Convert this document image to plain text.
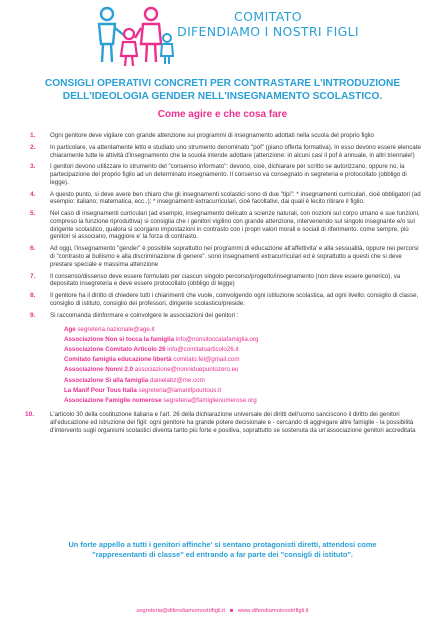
COMITATO
DIFENDIAMO I NOSTRI FIGLI
CONSIGLI OPERATIVI CONCRETI PER CONTRASTARE L'INTRODUZIONE
DELL'IDEOLOGIA GENDER NELL'INSEGNAMENTO SCOLASTICO.
Come agire e che cosa fare
1.	Ogni genitore deve vigilare con grande attenzione sui programmi di insegnamento adottati nella scuola del proprio figlio
2.	In particolare, va attentamente letto e studiato uno strumento denominato "pof" (piano offerta formativa). In esso devono essere elencate chiaramente tutte le attività d'insegnamento che la scuola intende adottare (attenzione: in alcuni casi il pof è annuale, in altri triennale!)
3.	I genitori devono utilizzare lo strumento del "consenso informato": devono, cioè, dichiarare per scritto se autorizzano, oppure no, la partecipazione del proprio figlio ad un determinato insegnamento. Il consenso va consegnato in segreteria e protocollato (obbligo di legge).
4.	A questo punto, si deve avere ben chiaro che gli insegnamenti scolastici sono di due "tipi": * insegnamenti curriculari, cioè obbligatori (ad esempio: italiano; matematica, ecc..); * insegnamenti extracurriculari, cioè facoltativi, dai quali è lecito ritirare il figlio.
5.	Nel caso di insegnamenti curriculari (ad esempio, insegnamento delicato a scienze naturali, con nozioni sul corpo umano e sue funzioni, compreso la funzione riproduttiva) si consiglia che i genitori vigilino con grande attenzione, intervenendo sul singolo insegnante e/o sul dirigente scolastico, qualora si scorgano impostazioni in contrasto con i propri valori morali e sociali di riferimento. come sempre, più genitori si associano, maggiore e' la forza di contrasto.
6.	Ad oggi, l'insegnamento "gender" è possibile soprattutto nei programmi di educazione all'affettivita' e alla sessualità, oppure nei percorsi di "contrasto al bullismo e alla discriminazione di genere". sono insegnamenti extracurriculari ed è soprattutto a questi che si deve prestare speciale e massima attenzione
7.	Il consenso/dissenso deve essere formulato per ciascun singolo percorso/progetto/insegnamento (non deve essere generico), va depositato insegreteria e deve essere protocollato (obbligo di legge)
8.	Il genitore ha il diritto di chiedere tutti i chiarimenti che vuole, coinvolgendo ogni istituzione scolastica, ad ogni livello: consiglio di classe, consiglio di istituto, consiglio dei professori, dirigente scolastico/preside.
9.	Si raccomanda diinformare e coinvolgere le associazioni dei genitori :
Age segreteria.nazionale@age.it
Associazione Non si tocca la famiglia info@nonsitoccalafamiglia.org
Associazione Comitato Articolo 26 info@comitatoarticolo26.it
Comitato famiglia educazione libertà comitato.fel@gmail.com
Associazione Nonni 2.0 associazione@nonniduepuntozero.eu
Associazione Sì alla famiglia danielabz@me.com
La Manif Pour Tous Italia segreteria@lamanifpourtous.it
Associazione Famiglie numerose segreteria@famiglienumerose.org
10.	L'articolo 30 della costituzione italiana e l'art. 26 della dichiarazione universale dei diritti dell'uomo sanciscono il diritto dei genitori all'educazione ed istruzione dei figli: ogni genitore ha grande potere decisionale e - cercando di aggregare altre famiglie - la possibilità d'intervento sugli organismi scolastici diventa tanto più forte e positiva, soprattutto se sostenuta da un'associazione genitori accreditata
Un forte appello a tutti i genitori affinche' si sentano protagonisti diretti, attendosi come
"rappresentanti di classe" ed entrando a far parte dei "consigli di istituto".
segreteria@difendiamoinostrifigli.it ■ www.difendiamoinostrifigli.it
